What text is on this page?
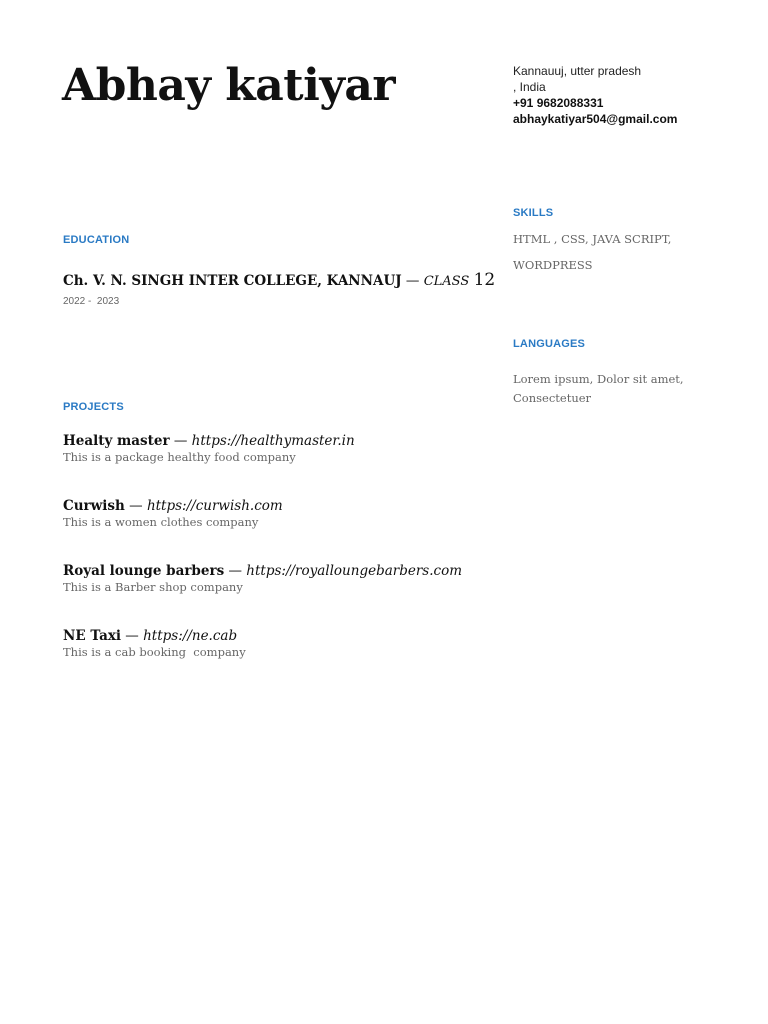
Abhay katiyar	Kannauuj, utter pradesh
, India
+91 9682088331
abhaykatiyar504@gmail.com
EDUCATION
Ch. V. N. SINGH INTER COLLEGE, KANNAUJ — CLASS 12
2022 -  2023
PROJECTS
Healty master — https://healthymaster.in
This is a package healthy food company
Curwish — https://curwish.com
This is a women clothes company
Royal lounge barbers — https://royalloungebarbers.com
This is a Barber shop company
NE Taxi — https://ne.cab
This is a cab booking  company
SKILLS
HTML , CSS, JAVA SCRIPT,
WORDPRESS
LANGUAGES
Lorem ipsum, Dolor sit amet,
Consectetuer
